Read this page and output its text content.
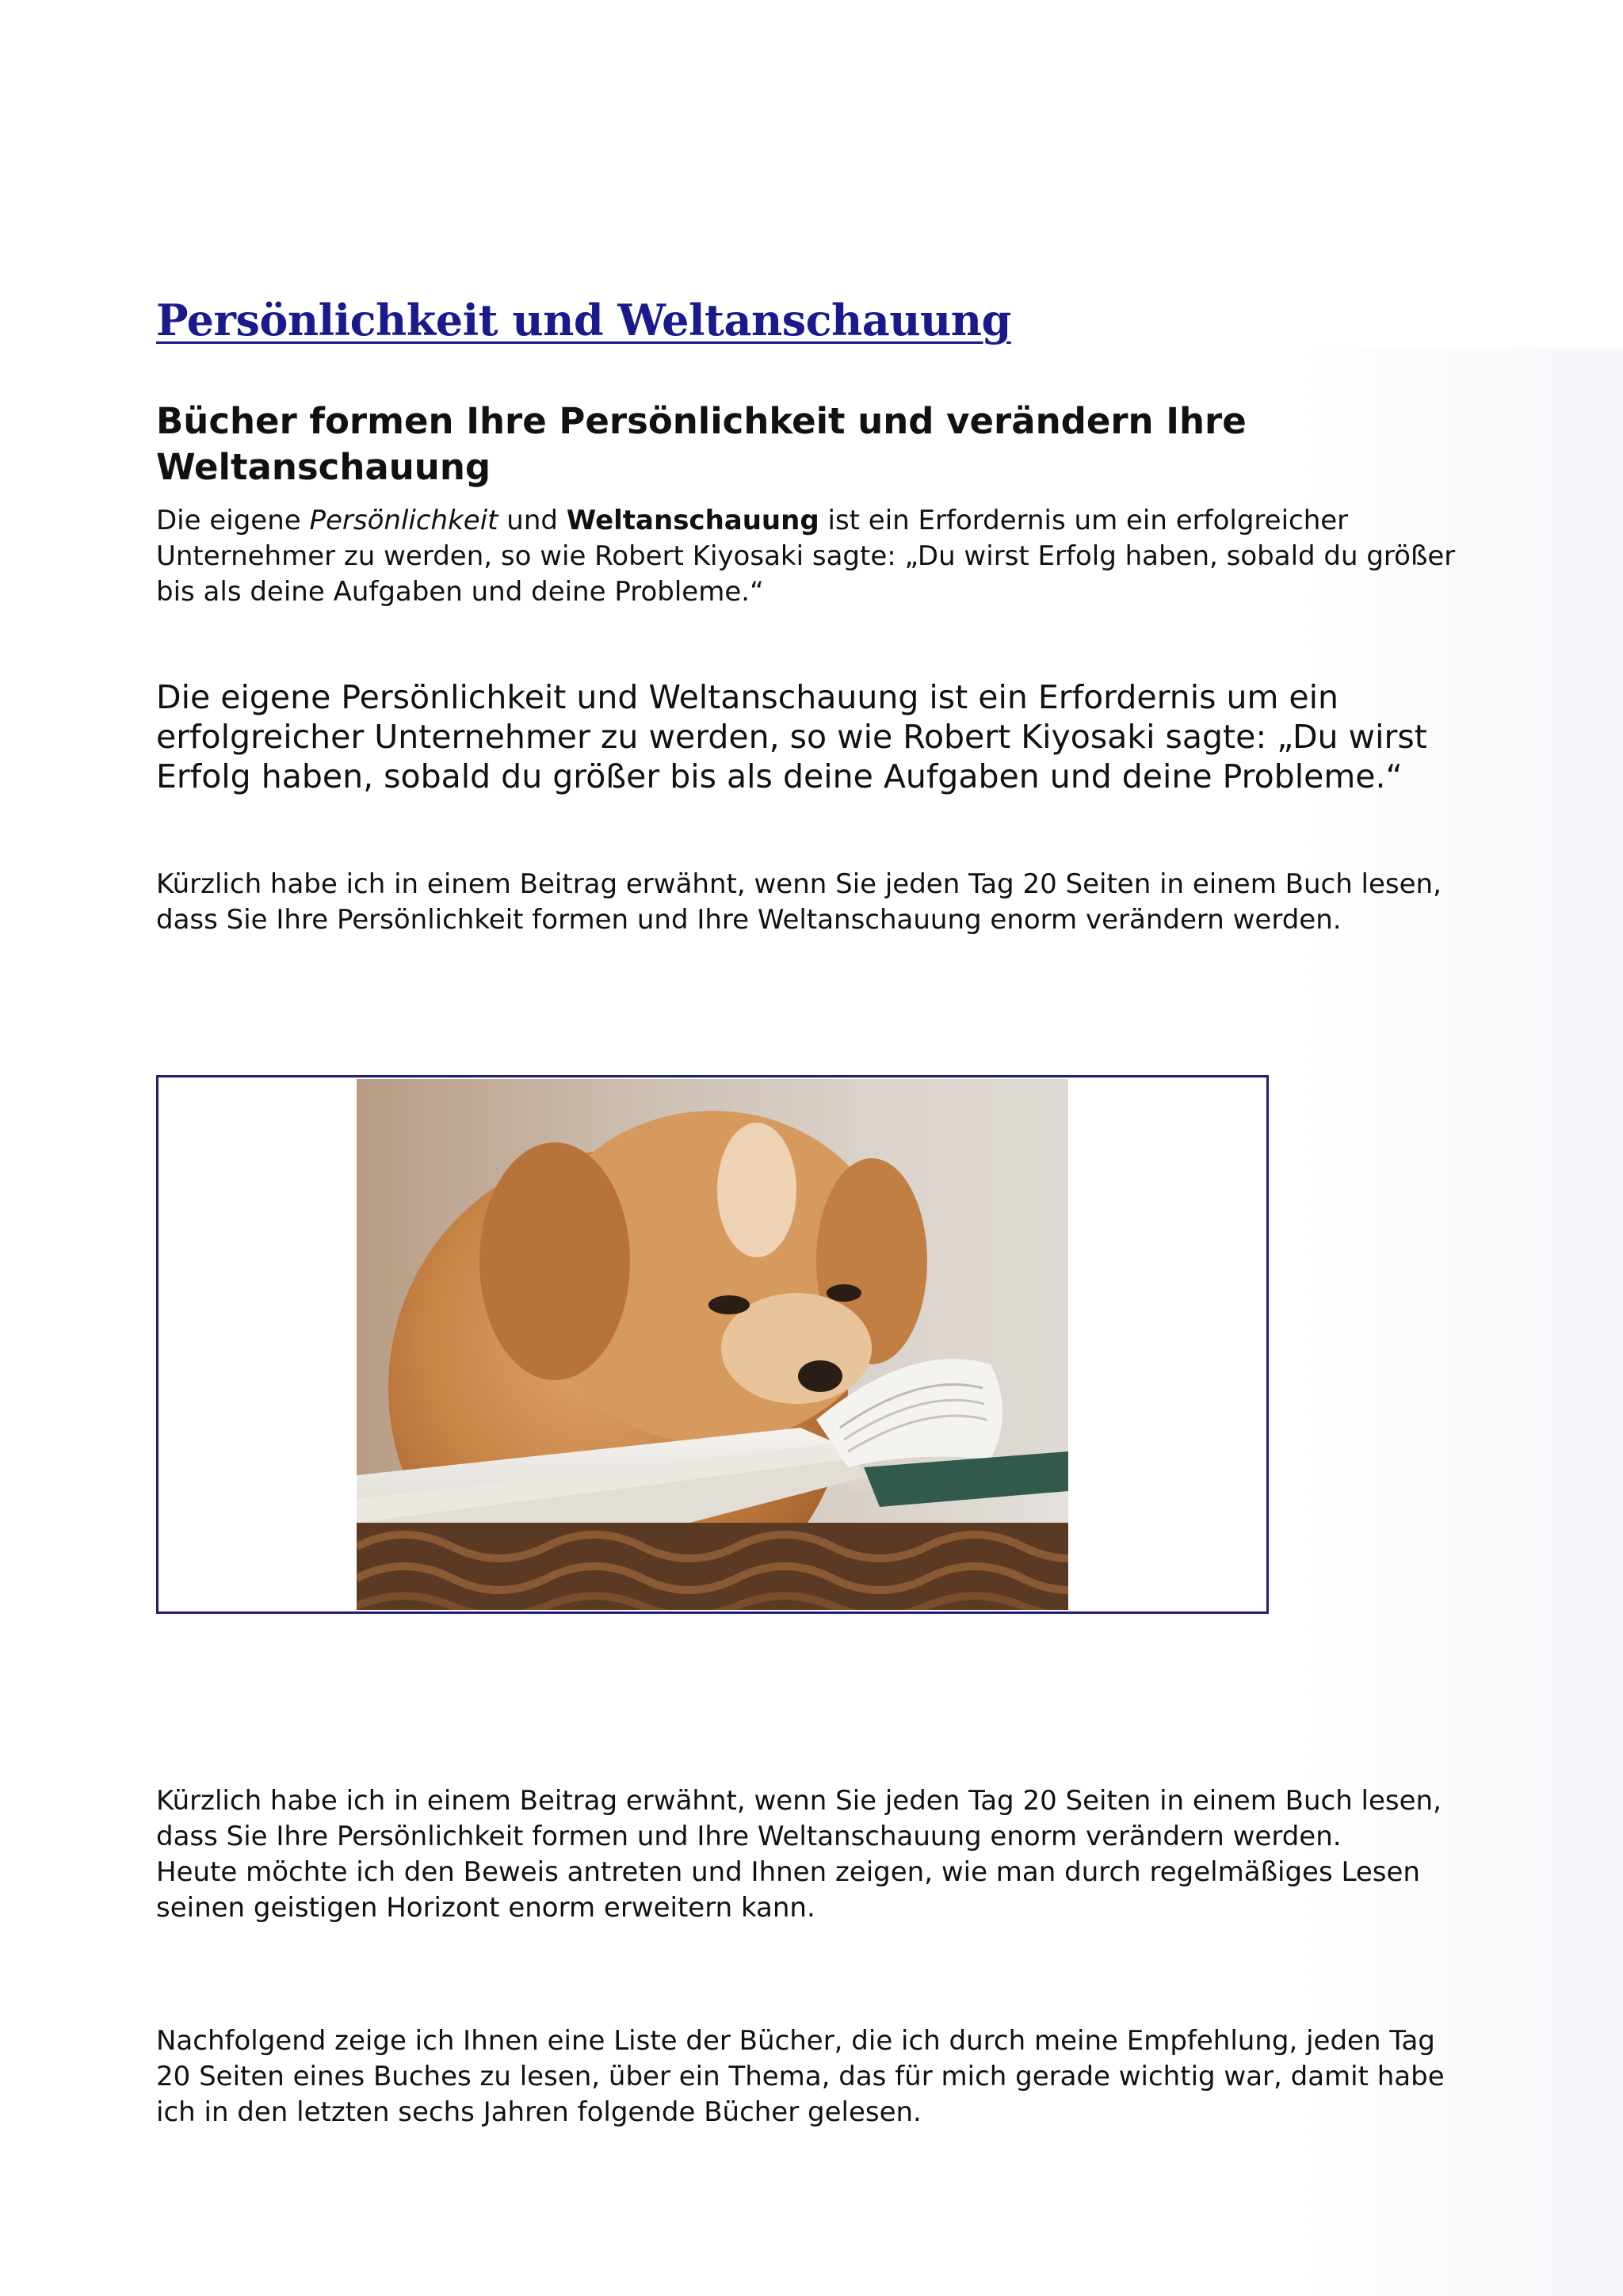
Persönlichkeit und Weltanschauung
Bücher formen Ihre Persönlichkeit und verändern Ihre Weltanschauung

Die eigene Persönlichkeit und Weltanschauung ist ein Erfordernis um ein erfolgreicher Unternehmer zu werden, so wie Robert Kiyosaki sagte: „Du wirst Erfolg haben, sobald du größer bis als deine Aufgaben und deine Probleme.“

Die eigene Persönlichkeit und Weltanschauung ist ein Erfordernis um ein erfolgreicher Unternehmer zu werden, so wie Robert Kiyosaki sagte: „Du wirst Erfolg haben, sobald du größer bis als deine Aufgaben und deine Probleme.“

Kürzlich habe ich in einem Beitrag erwähnt, wenn Sie jeden Tag 20 Seiten in einem Buch lesen, dass Sie Ihre Persönlichkeit formen und Ihre Weltanschauung enorm verändern werden.

Kürzlich habe ich in einem Beitrag erwähnt, wenn Sie jeden Tag 20 Seiten in einem Buch lesen, dass Sie Ihre Persönlichkeit formen und Ihre Weltanschauung enorm verändern werden.
Heute möchte ich den Beweis antreten und Ihnen zeigen, wie man durch regelmäßiges Lesen seinen geistigen Horizont enorm erweitern kann.

Nachfolgend zeige ich Ihnen eine Liste der Bücher, die ich durch meine Empfehlung, jeden Tag 20 Seiten eines Buches zu lesen, über ein Thema, das für mich gerade wichtig war, damit habe ich in den letzten sechs Jahren folgende Bücher gelesen.
